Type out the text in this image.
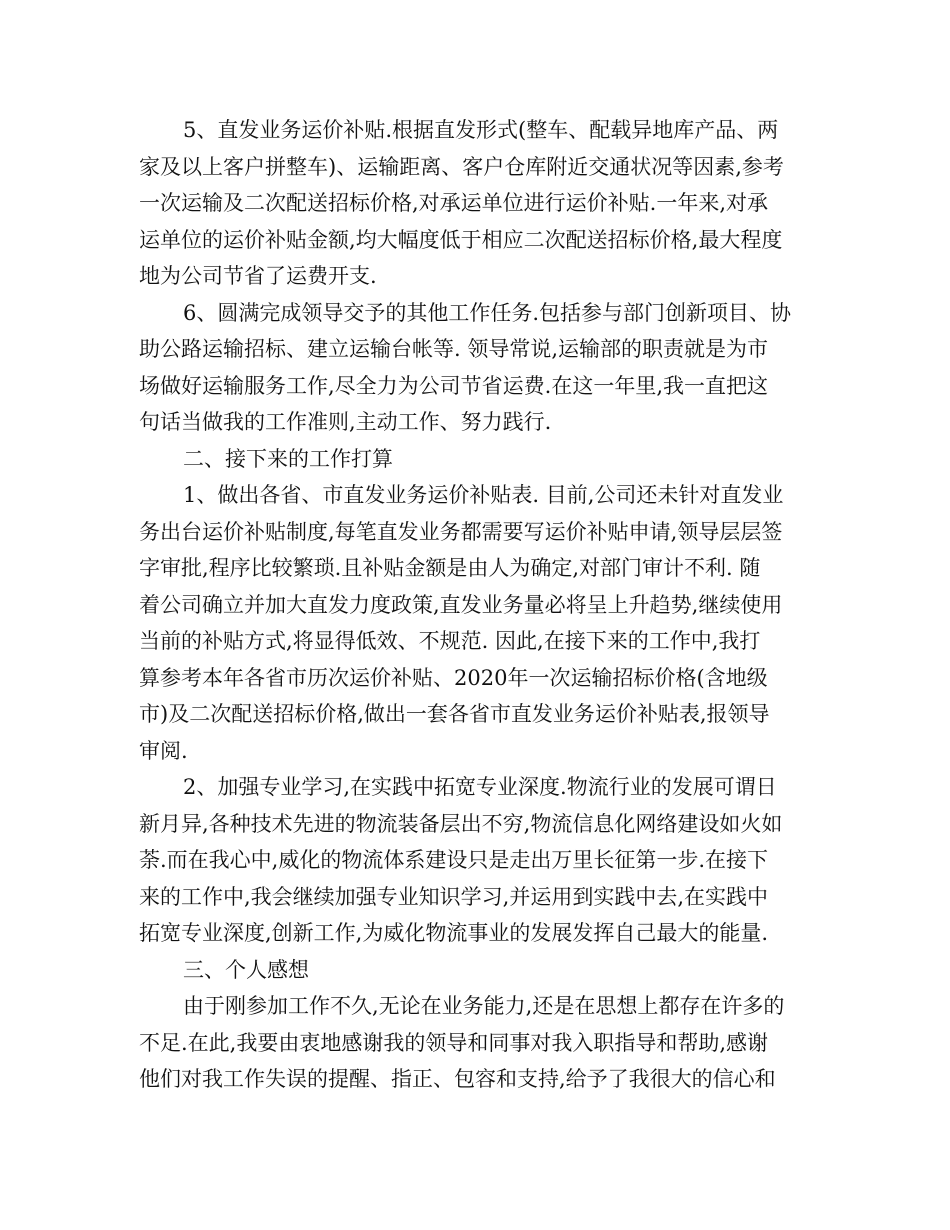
5、直发业务运价补贴.根据直发形式(整车、配载异地库产品、两
家及以上客户拼整车)、运输距离、客户仓库附近交通状况等因素,参考
一次运输及二次配送招标价格,对承运单位进行运价补贴.一年来,对承
运单位的运价补贴金额,均大幅度低于相应二次配送招标价格,最大程度
地为公司节省了运费开支.
6、圆满完成领导交予的其他工作任务.包括参与部门创新项目、协
助公路运输招标、建立运输台帐等. 领导常说,运输部的职责就是为市
场做好运输服务工作,尽全力为公司节省运费.在这一年里,我一直把这
句话当做我的工作准则,主动工作、努力践行.
二、接下来的工作打算
1、做出各省、市直发业务运价补贴表. 目前,公司还未针对直发业
务出台运价补贴制度,每笔直发业务都需要写运价补贴申请,领导层层签
字审批,程序比较繁琐.且补贴金额是由人为确定,对部门审计不利. 随
着公司确立并加大直发力度政策,直发业务量必将呈上升趋势,继续使用
当前的补贴方式,将显得低效、不规范. 因此,在接下来的工作中,我打
算参考本年各省市历次运价补贴、2020年一次运输招标价格(含地级
市)及二次配送招标价格,做出一套各省市直发业务运价补贴表,报领导
审阅.
2、加强专业学习,在实践中拓宽专业深度.物流行业的发展可谓日
新月异,各种技术先进的物流装备层出不穷,物流信息化网络建设如火如
荼.而在我心中,威化的物流体系建设只是走出万里长征第一步.在接下
来的工作中,我会继续加强专业知识学习,并运用到实践中去,在实践中
拓宽专业深度,创新工作,为威化物流事业的发展发挥自己最大的能量.
三、个人感想
由于刚参加工作不久,无论在业务能力,还是在思想上都存在许多的
不足.在此,我要由衷地感谢我的领导和同事对我入职指导和帮助,感谢
他们对我工作失误的提醒、指正、包容和支持,给予了我很大的信心和
